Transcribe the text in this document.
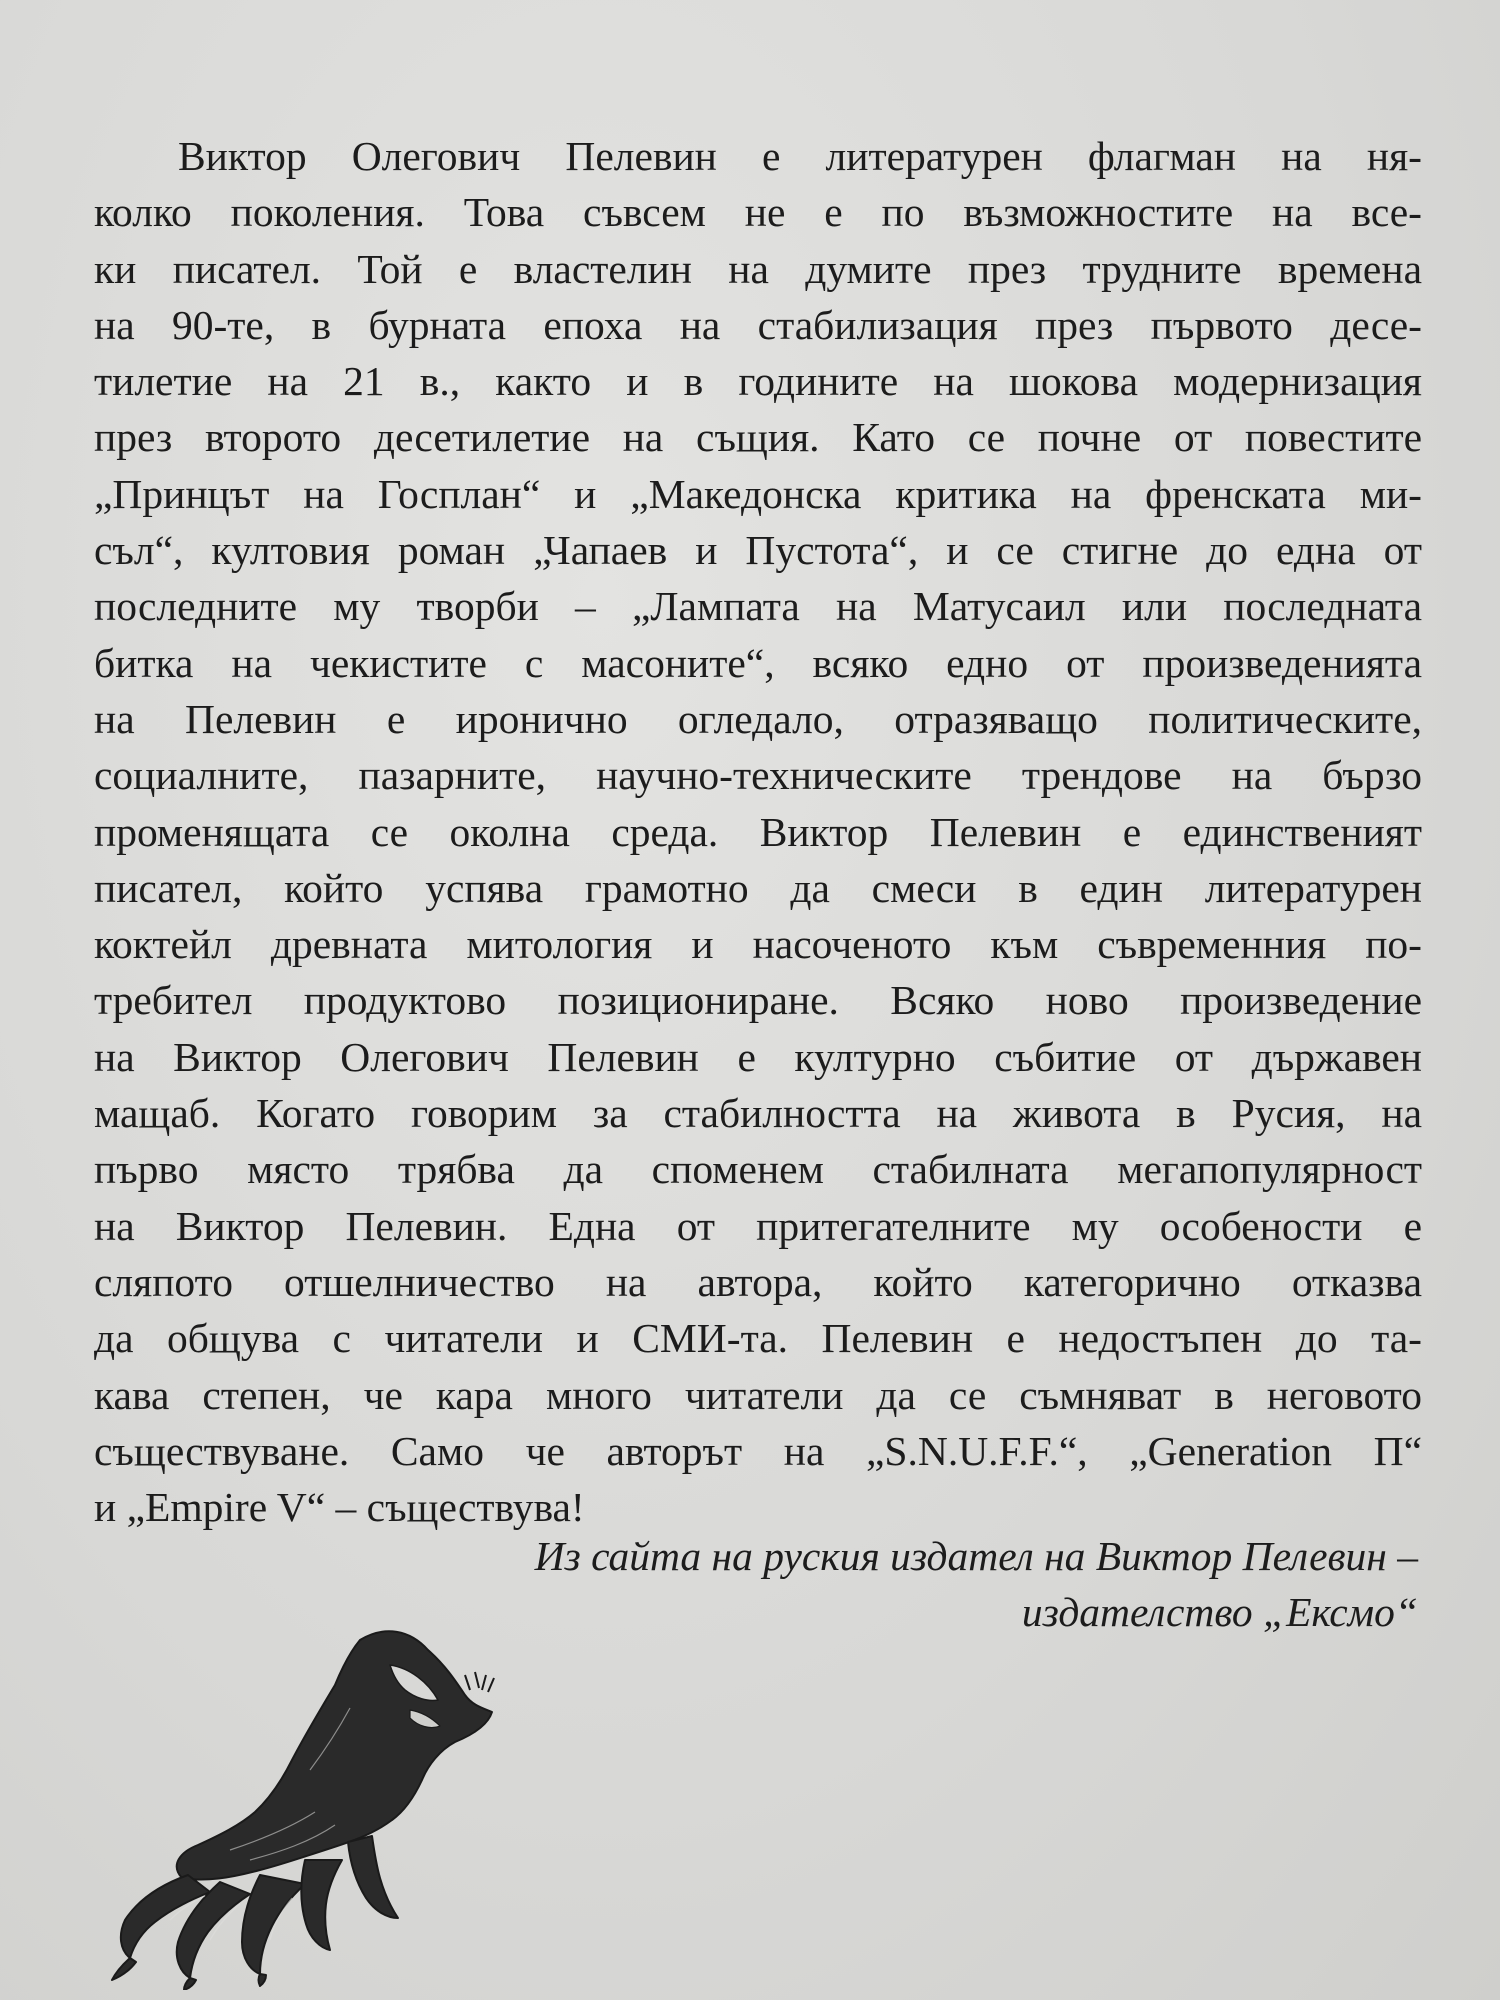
Виктор Олегович Пелевин е литературен флагман на ня-
колко поколения. Това съвсем не е по възможностите на все-
ки писател. Той е властелин на думите през трудните времена
на 90-те, в бурната епоха на стабилизация през първото десе-
тилетие на 21 в., както и в годините на шокова модернизация
през второто десетилетие на същия. Като се почне от повестите
„Принцът на Госплан“ и „Македонска критика на френската ми-
съл“, култовия роман „Чапаев и Пустота“, и се стигне до една от
последните му творби – „Лампата на Матусаил или последната
битка на чекистите с масоните“, всяко едно от произведенията
на Пелевин е иронично огледало, отразяващо политическите,
социалните, пазарните, научно-техническите трендове на бързо
променящата се околна среда. Виктор Пелевин е единственият
писател, който успява грамотно да смеси в един литературен
коктейл древната митология и насоченото към съвременния по-
требител продуктово позициониране. Всяко ново произведение
на Виктор Олегович Пелевин е културно събитие от държавен
мащаб. Когато говорим за стабилността на живота в Русия, на
първо място трябва да споменем стабилната мегапопулярност
на Виктор Пелевин. Една от притегателните му особености е
сляпото отшелничество на автора, който категорично отказва
да общува с читатели и СМИ-та. Пелевин е недостъпен до та-
кава степен, че кара много читатели да се съмняват в неговото
съществуване. Само че авторът на „S.N.U.F.F.“, „Generation П“
и „Empire V“ – съществува!
Из сайта на руския издател на Виктор Пелевин –
издателство „Ексмо“
